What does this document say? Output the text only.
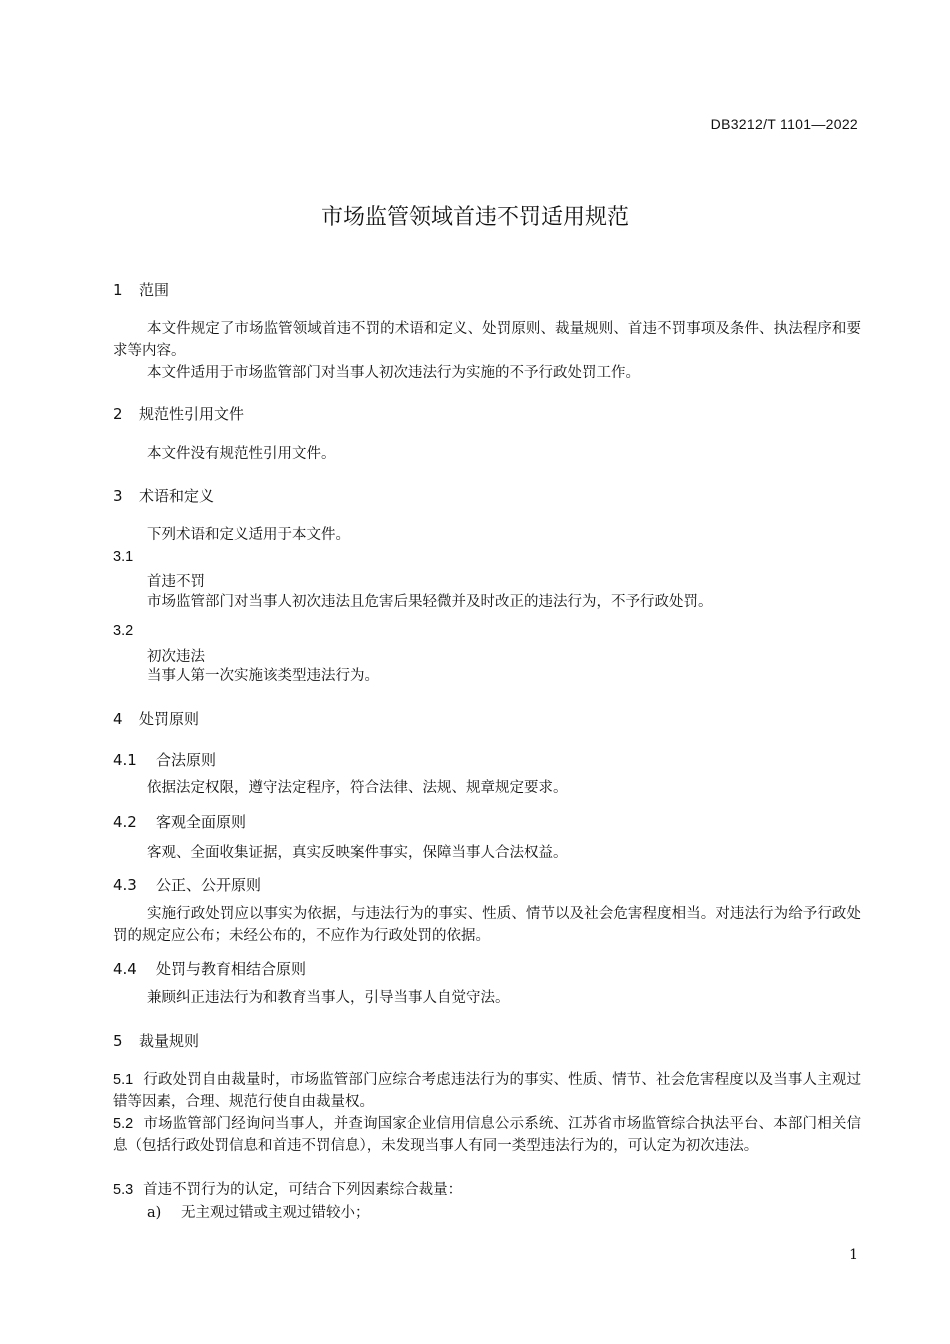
DB3212/T 1101—2022
市场监管领域首违不罚适用规范
1 范围
本文件规定了市场监管领域首违不罚的术语和定义、处罚原则、裁量规则、首违不罚事项及条件、执法程序和要求等内容。
本文件适用于市场监管部门对当事人初次违法行为实施的不予行政处罚工作。
2 规范性引用文件
本文件没有规范性引用文件。
3 术语和定义
下列术语和定义适用于本文件。
3.1
首违不罚
市场监管部门对当事人初次违法且危害后果轻微并及时改正的违法行为，不予行政处罚。
3.2
初次违法
当事人第一次实施该类型违法行为。
4 处罚原则
4.1 合法原则
依据法定权限，遵守法定程序，符合法律、法规、规章规定要求。
4.2 客观全面原则
客观、全面收集证据，真实反映案件事实，保障当事人合法权益。
4.3 公正、公开原则
实施行政处罚应以事实为依据，与违法行为的事实、性质、情节以及社会危害程度相当。对违法行为给予行政处罚的规定应公布；未经公布的，不应作为行政处罚的依据。
4.4 处罚与教育相结合原则
兼顾纠正违法行为和教育当事人，引导当事人自觉守法。
5 裁量规则
5.1 行政处罚自由裁量时，市场监管部门应综合考虑违法行为的事实、性质、情节、社会危害程度以及当事人主观过错等因素，合理、规范行使自由裁量权。
5.2 市场监管部门经询问当事人，并查询国家企业信用信息公示系统、江苏省市场监管综合执法平台、本部门相关信息（包括行政处罚信息和首违不罚信息），未发现当事人有同一类型违法行为的，可认定为初次违法。
5.3 首违不罚行为的认定，可结合下列因素综合裁量：
a) 无主观过错或主观过错较小；
1
